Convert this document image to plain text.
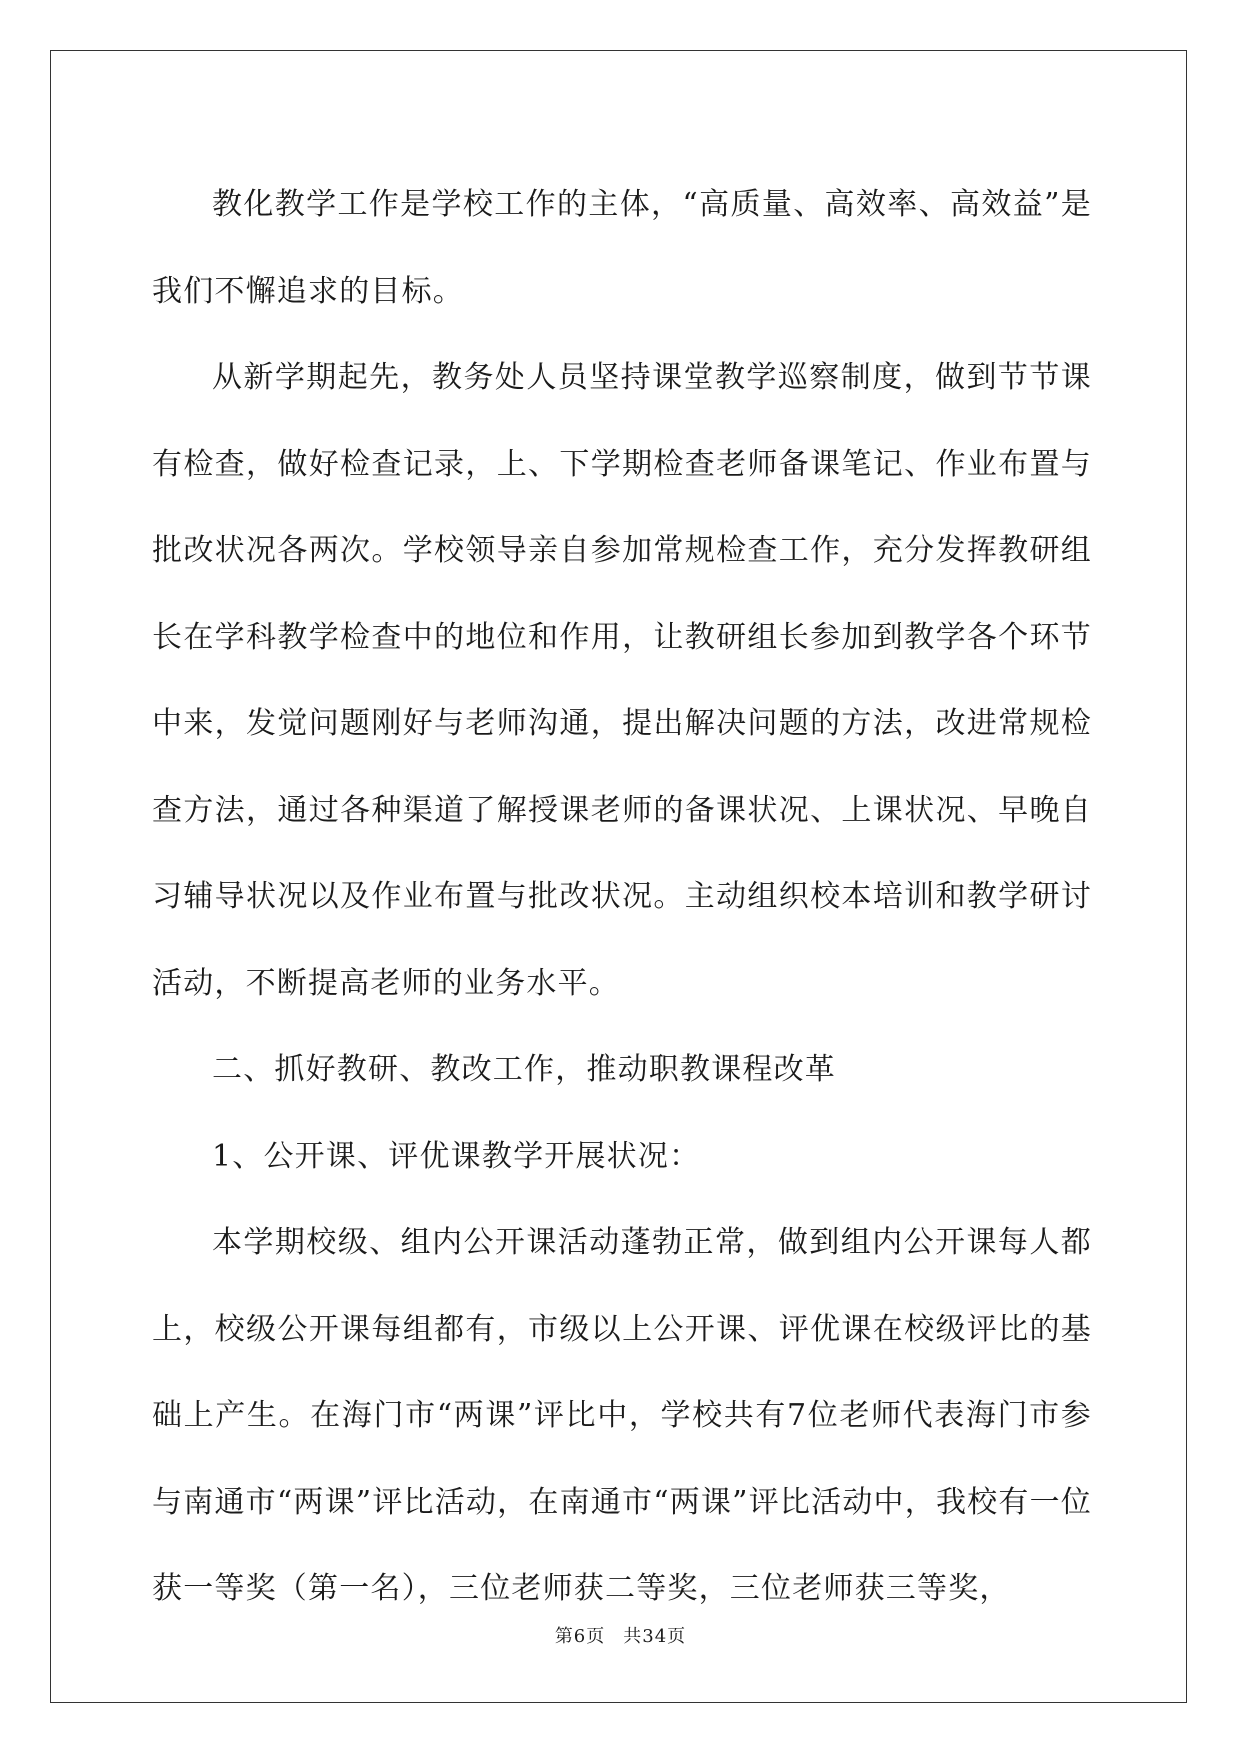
教化教学工作是学校工作的主体，“高质量、高效率、高效益”是我们不懈追求的目标。

从新学期起先，教务处人员坚持课堂教学巡察制度，做到节节课有检查，做好检查记录，上、下学期检查老师备课笔记、作业布置与批改状况各两次。学校领导亲自参加常规检查工作，充分发挥教研组长在学科教学检查中的地位和作用，让教研组长参加到教学各个环节中来，发觉问题刚好与老师沟通，提出解决问题的方法，改进常规检查方法，通过各种渠道了解授课老师的备课状况、上课状况、早晚自习辅导状况以及作业布置与批改状况。主动组织校本培训和教学研讨活动，不断提高老师的业务水平。

二、抓好教研、教改工作，推动职教课程改革

1、公开课、评优课教学开展状况：

本学期校级、组内公开课活动蓬勃正常，做到组内公开课每人都上，校级公开课每组都有，市级以上公开课、评优课在校级评比的基础上产生。在海门市“两课”评比中，学校共有7位老师代表海门市参与南通市“两课”评比活动，在南通市“两课”评比活动中，我校有一位获一等奖（第一名），三位老师获二等奖，三位老师获三等奖，

第6页 共34页
